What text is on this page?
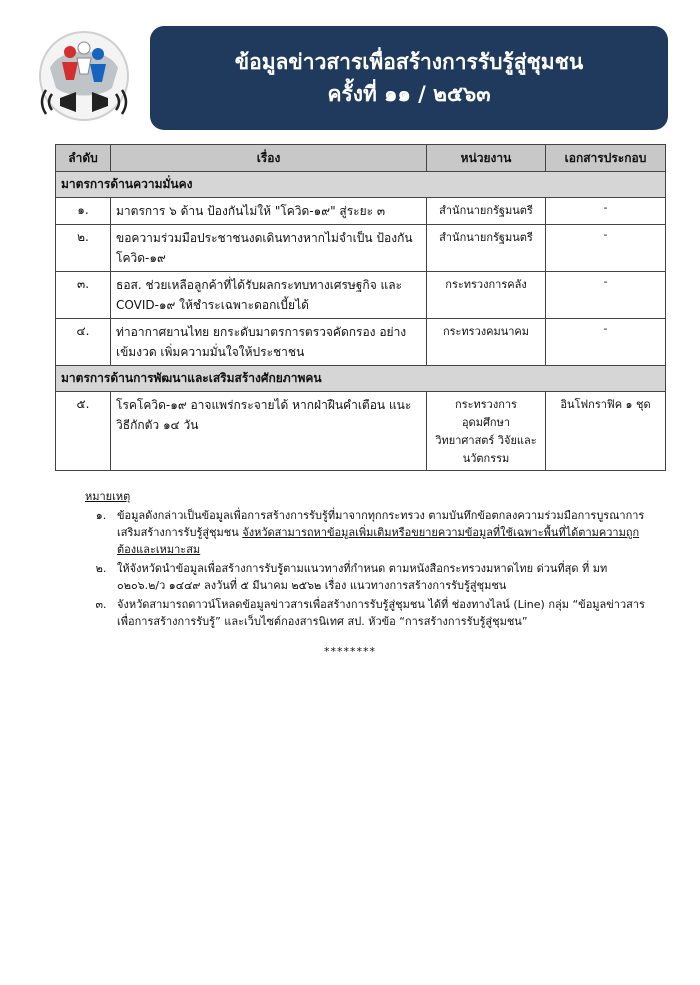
ข้อมูลข่าวสารเพื่อสร้างการรับรู้สู่ชุมชน
ครั้งที่ ๑๑ / ๒๕๖๓
ลำดับ	เรื่อง	หน่วยงาน	เอกสารประกอบ
มาตรการด้านความมั่นคง			
๑.	มาตรการ ๖ ด้าน ป้องกันไม่ให้ "โควิด-๑๙" สู่ระยะ ๓	สำนักนายกรัฐมนตรี	-
๒.	ขอความร่วมมือประชาชนงดเดินทางหากไม่จำเป็น ป้องกันโควิด-๑๙	สำนักนายกรัฐมนตรี	-
๓.	ธอส. ช่วยเหลือลูกค้าที่ได้รับผลกระทบทางเศรษฐกิจ และ COVID-๑๙ ให้ชำระเฉพาะดอกเบี้ยได้	กระทรวงการคลัง	-
๔.	ท่าอากาศยานไทย ยกระดับมาตรการตรวจคัดกรอง อย่างเข้มงวด เพิ่มความมั่นใจให้ประชาชน	กระทรวงคมนาคม	-
มาตรการด้านการพัฒนาและเสริมสร้างศักยภาพคน			
๕.	โรคโควิด-๑๙ อาจแพร่กระจายได้ หากฝ่าฝืนคำเตือน แนะวิธีกักตัว ๑๔ วัน	กระทรวงการ อุดมศึกษา วิทยาศาสตร์ วิจัยและ นวัตกรรม	อินโฟกราฟิค ๑ ชุด
หมายเหตุ
๑. ข้อมูลดังกล่าวเป็นข้อมูลเพื่อการสร้างการรับรู้ที่มาจากทุกกระทรวง ตามบันทึกข้อตกลงความร่วมมือการบูรณาการเสริมสร้างการรับรู้สู่ชุมชน จังหวัดสามารถหาข้อมูลเพิ่มเติมหรือขยายความข้อมูลที่ใช้เฉพาะพื้นที่ได้ตามความถูกต้องและเหมาะสม
๒. ให้จังหวัดนำข้อมูลเพื่อสร้างการรับรู้ตามแนวทางที่กำหนด ตามหนังสือกระทรวงมหาดไทย ด่วนที่สุด ที่ มท ๐๒๐๖.๒/ว ๑๔๔๙ ลงวันที่ ๕ มีนาคม ๒๕๖๒ เรื่อง แนวทางการสร้างการรับรู้สู่ชุมชน
๓. จังหวัดสามารถดาวน์โหลดข้อมูลข่าวสารเพื่อสร้างการรับรู้สู่ชุมชน ได้ที่ ช่องทางไลน์ (Line) กลุ่ม “ข้อมูลข่าวสารเพื่อการสร้างการรับรู้” และเว็บไซต์กองสารนิเทศ สป. หัวข้อ “การสร้างการรับรู้สู่ชุมชน”
********
